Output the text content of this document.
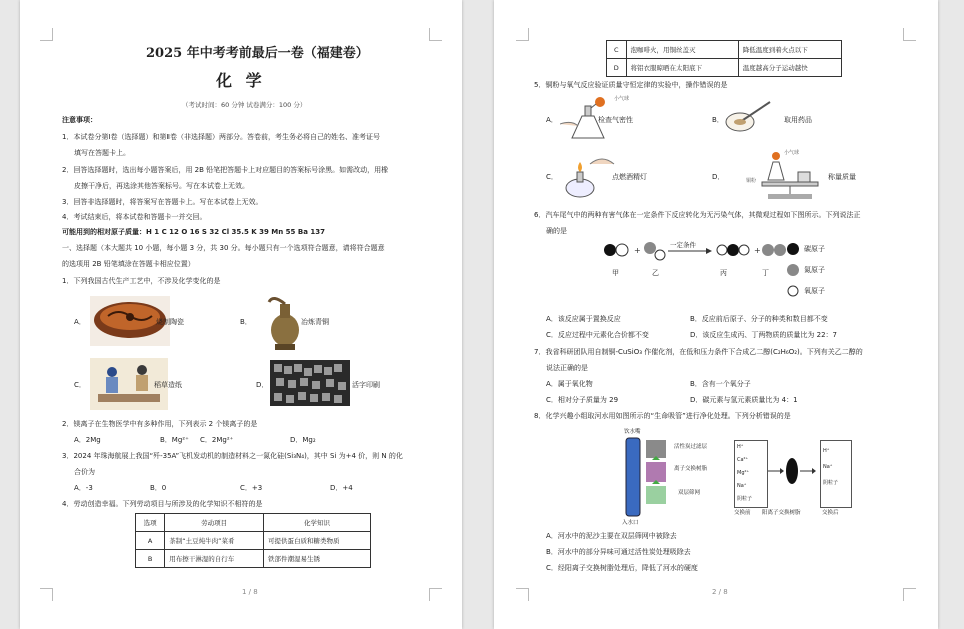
2025 年中考考前最后一卷（福建卷）
化 学
（考试时间：60 分钟 试卷满分：100 分）
注意事项：
1．本试卷分第Ⅰ卷（选择题）和第Ⅱ卷（非选择题）两部分。答卷前，考生务必将自己的姓名、准考证号
填写在答题卡上。
2．回答选择题时，选出每小题答案后，用 2B 铅笔把答题卡上对应题目的答案标号涂黑。如需改动，用橡
皮擦干净后，再选涂其他答案标号。写在本试卷上无效。
3．回答非选择题时，将答案写在答题卡上。写在本试卷上无效。
4．考试结束后，将本试卷和答题卡一并交回。
可能用到的相对原子质量：H 1 C 12 O 16 S 32 Cl 35.5 K 39 Mn 55 Ba 137
一、选择题（本大题共 10 小题，每小题 3 分，共 30 分。每小题只有一个选项符合题意，请将符合题意
的选项用 2B 铅笔填涂在答题卡相应位置）
1．下列我国古代生产工艺中，不涉及化学变化的是
A．	烧制陶瓷	B．	冶炼青铜
C．	稻草造纸	D．	活字印刷
2．镁离子在生物医学中有多种作用，下列表示 2 个镁离子的是
A．2Mg	B．Mg²⁺ C．2Mg²⁺	D．Mg₂
3．2024 年珠海航展上我国“歼-35A”飞机发动机的制造材料之一氮化硅(Si₃N₄)，其中 Si 为+4 价，则 N 的化
合价为
A．-3	B．0	C．+3	D．+4
4．劳动创造幸福。下列劳动项目与所涉及的化学知识不相符的是
选项	劳动项目	化学知识
A	茶制“土豆炖牛肉”菜肴	可提供蛋白质和糖类物质
B	用布擦干淋湿的自行车	铁部件潮湿易生锈
1 / 8
C	泡咖啡火，用铜丝盖灭	降低温度到着火点以下
D	将铝衣服晾晒在太阳底下	温度越高分子运动越快
5．铜粉与氧气反应验证质量守恒定律的实验中，操作错误的是
A．
小气球
检查气密性	B．	取用药品
C．	点燃酒精灯	D．
小气球
铜粉	称量质量
6．汽车尾气中的两种有害气体在一定条件下反应转化为无污染气体，其微观过程如下图所示。下列说法正
确的是
+	+
一定条件
甲	乙	丙	丁
碳原子
氮原子
氧原子
A．该反应属于置换反应	B．反应前后原子、分子的种类和数目都不变
C．反应过程中元素化合价都不变	D．该反应生成丙、丁两物质的质量比为 22：7
7．我省科研团队用自制铜-CuSiO₃ 作催化剂，在低和压力条件下合成乙二醇(C₂H₆O₂)。下列有关乙二醇的
说法正确的是
A．属于氧化物	B．含有一个氧分子
C．相对分子质量为 29	D．碳元素与氢元素质量比为 4：1
8．化学兴趣小组取河水用如图所示的“生命吸管”进行净化处理。下列分析错误的是
饮水嘴
活性炭过滤层
离子交换树脂
双层筛网
入水口
H⁺
Ca²⁺
Mg²⁺
Na⁺
阴粒子
H⁺
Na⁺
阴粒子
交换前 阳离子交换树脂	交换后
A．河水中的泥沙主要在双层筛网中被除去
B．河水中的部分异味可通过活性炭处理吸除去
C．经阳离子交换树脂处理后，降低了河水的硬度
2 / 8
